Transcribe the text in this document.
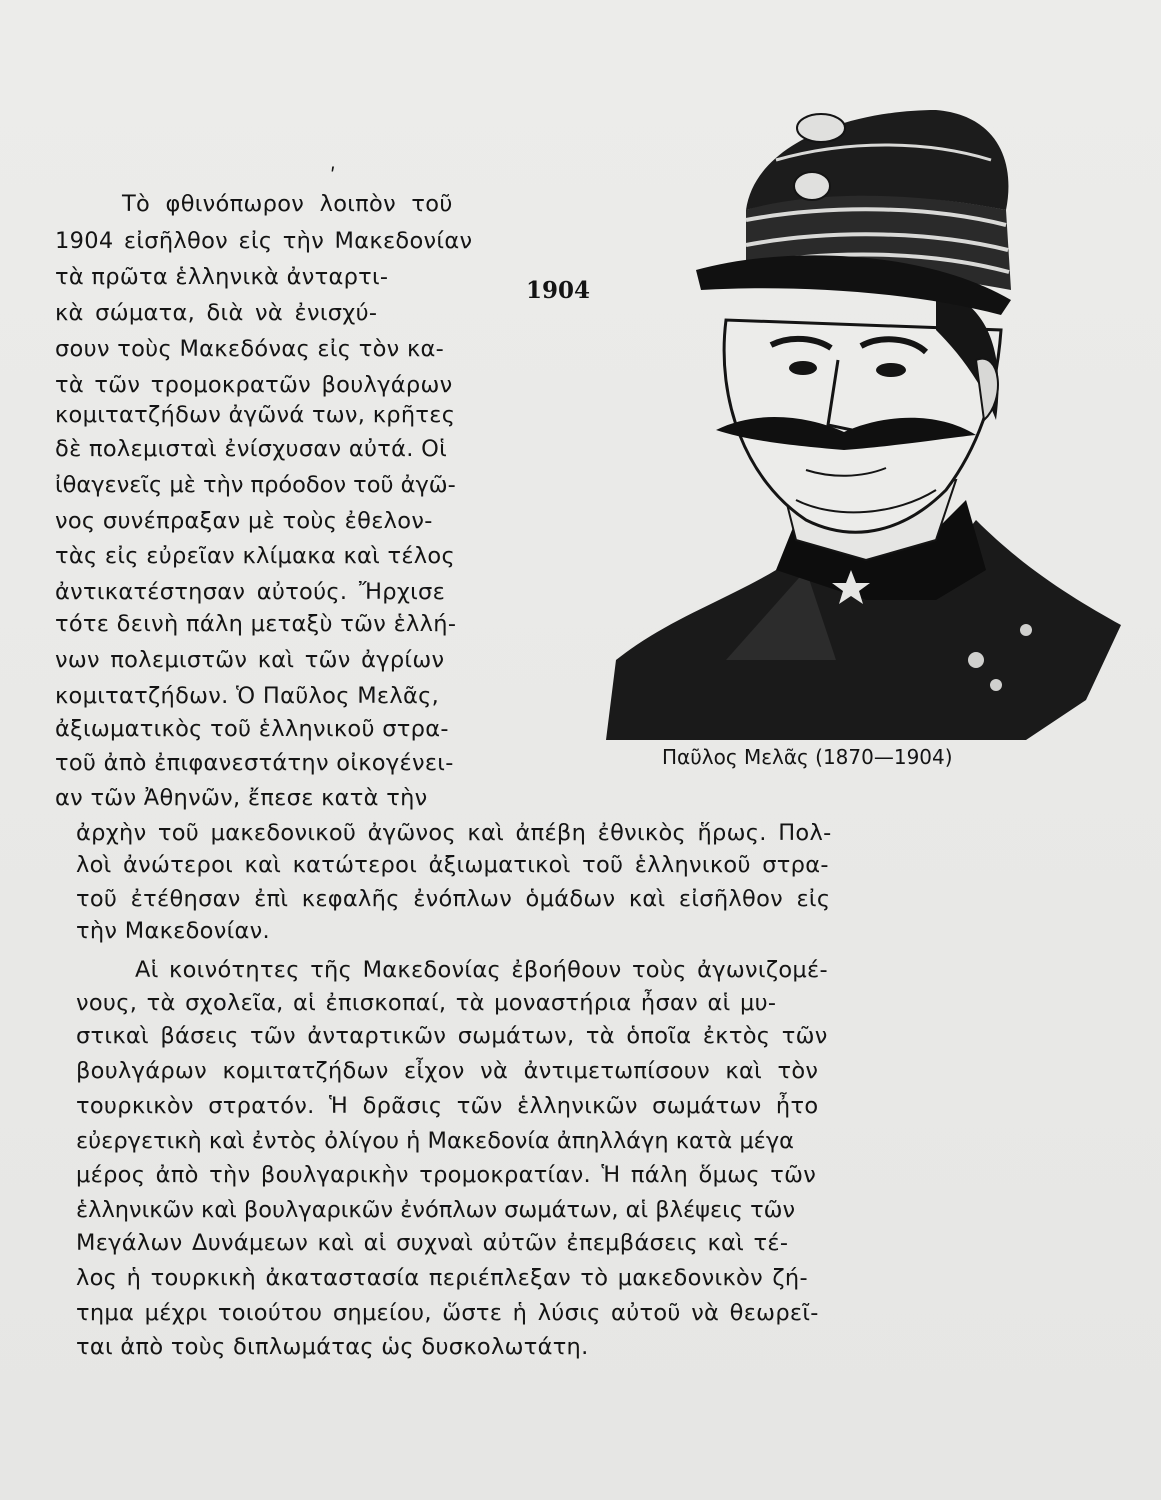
ʹ
Τὸ φθινόπωρον λοιπὸν τοῦ
1904 εἰσῆλθον εἰς τὴν Μακεδονίαν
τὰ πρῶτα ἑλληνικὰ ἀνταρτι-
κὰ σώματα, διὰ νὰ ἐνισχύ-
σουν τοὺς Μακεδόνας εἰς τὸν κα-
τὰ τῶν τρομοκρατῶν βουλγάρων
κομιτατζήδων ἀγῶνά των, κρῆτες
δὲ πολεμισταὶ ἐνίσχυσαν αὐτά. Οἱ
ἰθαγενεῖς μὲ τὴν πρόοδον τοῦ ἀγῶ-
νος συνέπραξαν μὲ τοὺς ἐθελον-
τὰς εἰς εὐρεῖαν κλίμακα καὶ τέλος
ἀντικατέστησαν αὐτούς. Ἤρχισε
τότε δεινὴ πάλη μεταξὺ τῶν ἑλλή-
νων πολεμιστῶν καὶ τῶν ἀγρίων
κομιτατζήδων. Ὁ Παῦλος Μελᾶς,
ἀξιωματικὸς τοῦ ἑλληνικοῦ στρα-
τοῦ ἀπὸ ἐπιφανεστάτην οἰκογένει-
αν τῶν Ἀθηνῶν, ἔπεσε κατὰ τὴν
1904
Παῦλος Μελᾶς (1870—1904)
ἀρχὴν τοῦ μακεδονικοῦ ἀγῶνος καὶ ἀπέβη ἐθνικὸς ἥρως. Πολ-
λοὶ ἀνώτεροι καὶ κατώτεροι ἀξιωματικοὶ τοῦ ἑλληνικοῦ στρα-
τοῦ ἐτέθησαν ἐπὶ κεφαλῆς ἐνόπλων ὁμάδων καὶ εἰσῆλθον εἰς
τὴν Μακεδονίαν.
Αἱ κοινότητες τῆς Μακεδονίας ἐβοήθουν τοὺς ἀγωνιζομέ-
νους, τὰ σχολεῖα, αἱ ἐπισκοπαί, τὰ μοναστήρια ἦσαν αἱ μυ-
στικαὶ βάσεις τῶν ἀνταρτικῶν σωμάτων, τὰ ὁποῖα ἐκτὸς τῶν
βουλγάρων κομιτατζήδων εἶχον νὰ ἀντιμετωπίσουν καὶ τὸν
τουρκικὸν στρατόν. Ἡ δρᾶσις τῶν ἑλληνικῶν σωμάτων ἦτο
εὐεργετικὴ καὶ ἐντὸς ὀλίγου ἡ Μακεδονία ἀπηλλάγη κατὰ μέγα
μέρος ἀπὸ τὴν βουλγαρικὴν τρομοκρατίαν. Ἡ πάλη ὅμως τῶν
ἑλληνικῶν καὶ βουλγαρικῶν ἐνόπλων σωμάτων, αἱ βλέψεις τῶν
Μεγάλων Δυνάμεων καὶ αἱ συχναὶ αὐτῶν ἐπεμβάσεις καὶ τέ-
λος ἡ τουρκικὴ ἀκαταστασία περιέπλεξαν τὸ μακεδονικὸν ζή-
τημα μέχρι τοιούτου σημείου, ὥστε ἡ λύσις αὐτοῦ νὰ θεωρεῖ-
ται ἀπὸ τοὺς διπλωμάτας ὡς δυσκολωτάτη.
